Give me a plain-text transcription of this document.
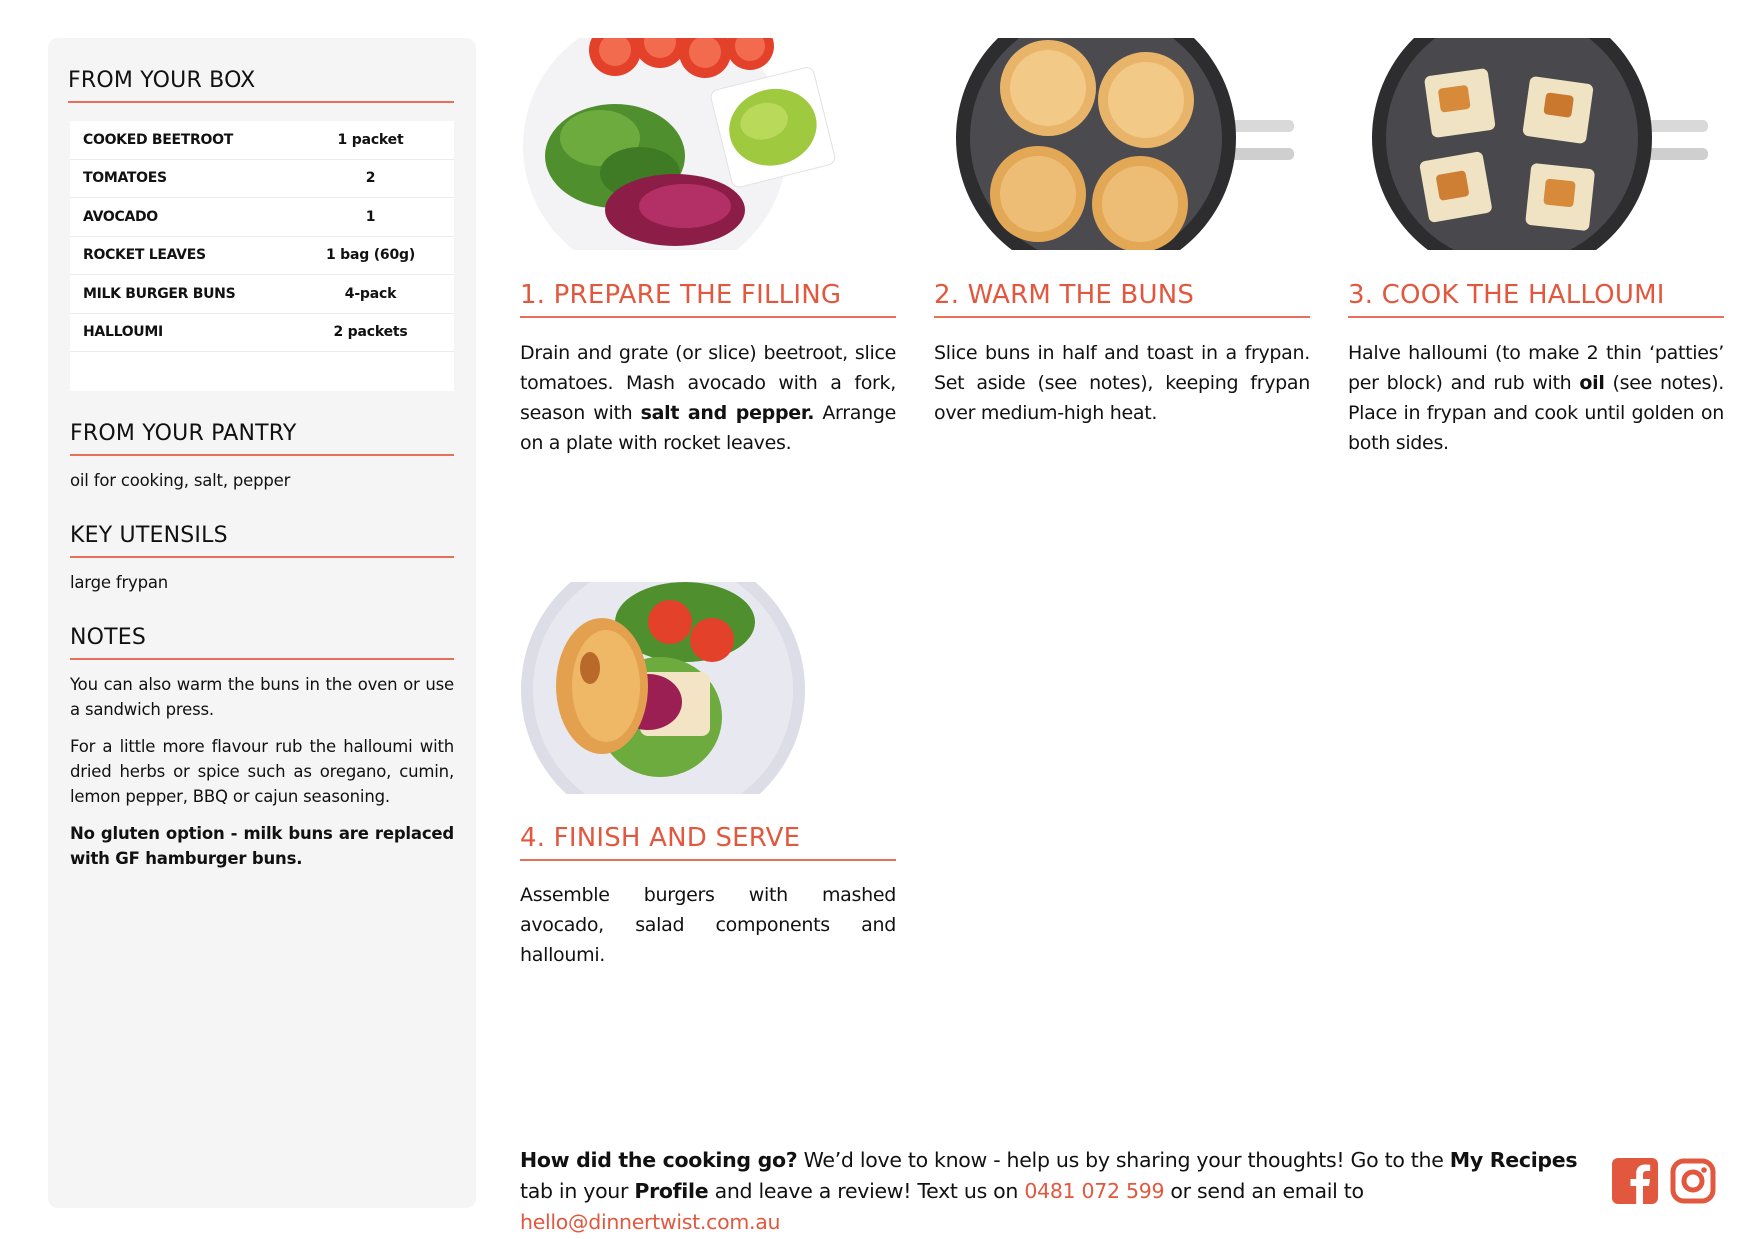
FROM YOUR BOX
COOKED BEETROOT	1 packet
TOMATOES	2
AVOCADO	1
ROCKET LEAVES	1 bag (60g)
MILK BURGER BUNS	4-pack
HALLOUMI	2 packets
FROM YOUR PANTRY
oil for cooking, salt, pepper
KEY UTENSILS
large frypan
NOTES

You can also warm the buns in the oven or use a sandwich press.

For a little more flavour rub the halloumi with dried herbs or spice such as oregano, cumin, lemon pepper, BBQ or cajun seasoning.

No gluten option - milk buns are replaced with GF hamburger buns.

1. PREPARE THE FILLING
Drain and grate (or slice) beetroot, slice tomatoes. Mash avocado with a fork, season with salt and pepper. Arrange on a plate with rocket leaves.
2. WARM THE BUNS
Slice buns in half and toast in a frypan. Set aside (see notes), keeping frypan over medium-high heat.
3. COOK THE HALLOUMI
Halve halloumi (to make 2 thin ‘patties’ per block) and rub with oil (see notes). Place in frypan and cook until golden on both sides.
4. FINISH AND SERVE
Assemble burgers with mashed avocado, salad components and halloumi.
How did the cooking go? We’d love to know - help us by sharing your thoughts! Go to the My Recipes tab in your Profile and leave a review! Text us on 0481 072 599 or send an email to hello@dinnertwist.com.au
